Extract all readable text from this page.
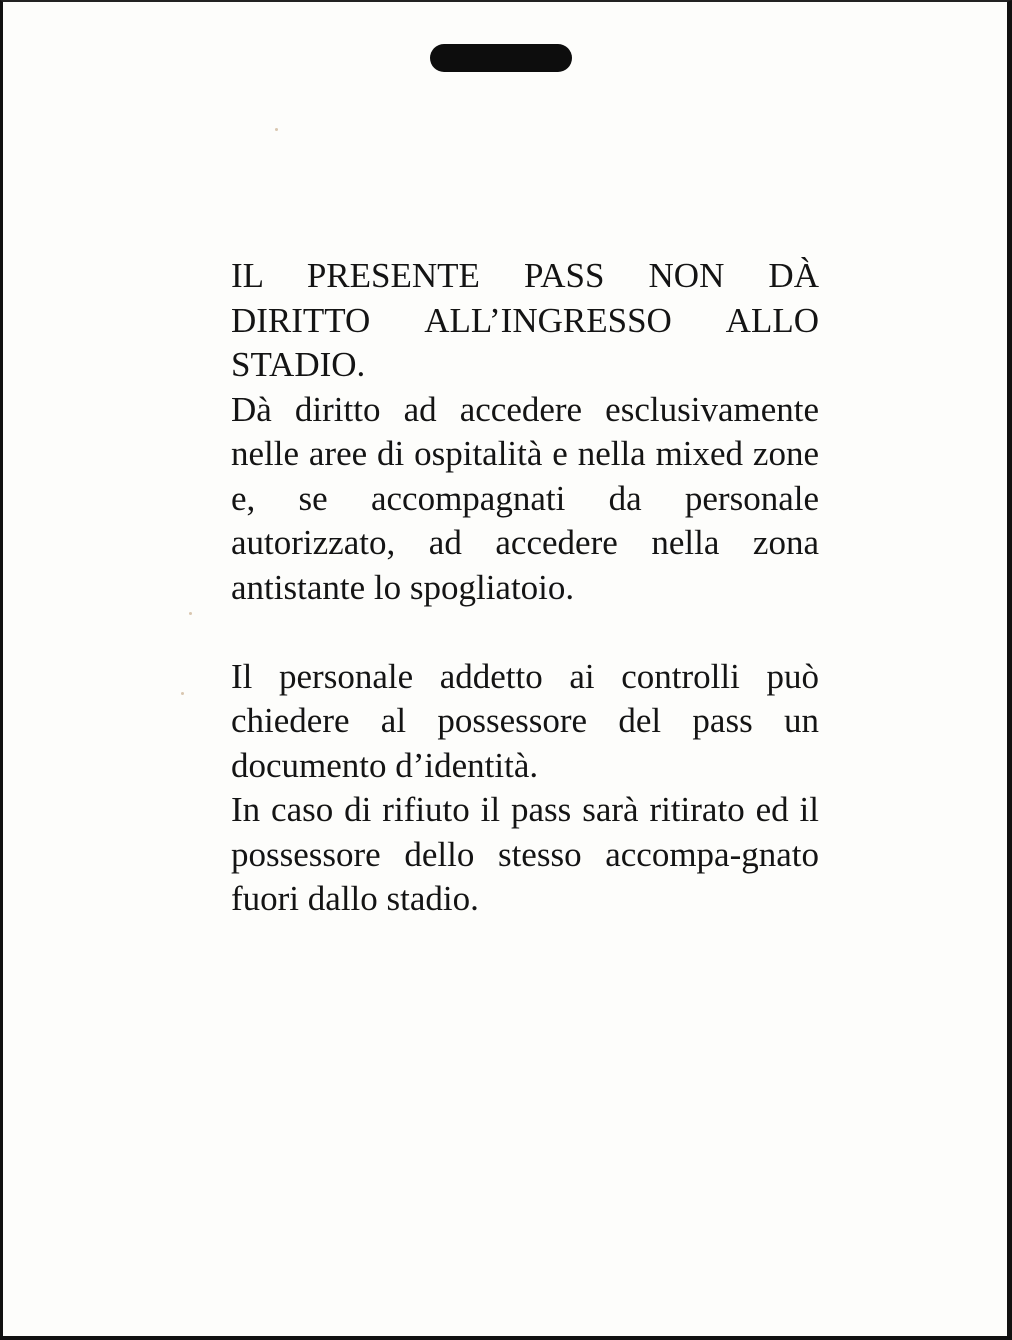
IL PRESENTE PASS NON DÀ DIRITTO ALL’INGRESSO ALLO STADIO.

Dà diritto ad accedere esclusivamente nelle aree di ospitalità e nella mixed zone e, se accompagnati da personale autorizzato, ad accedere nella zona antistante lo spogliatoio.

Il personale addetto ai controlli può chiedere al possessore del pass un documento d’identità.

In caso di rifiuto il pass sarà ritirato ed il possessore dello stesso accompa-gnato fuori dallo stadio.
